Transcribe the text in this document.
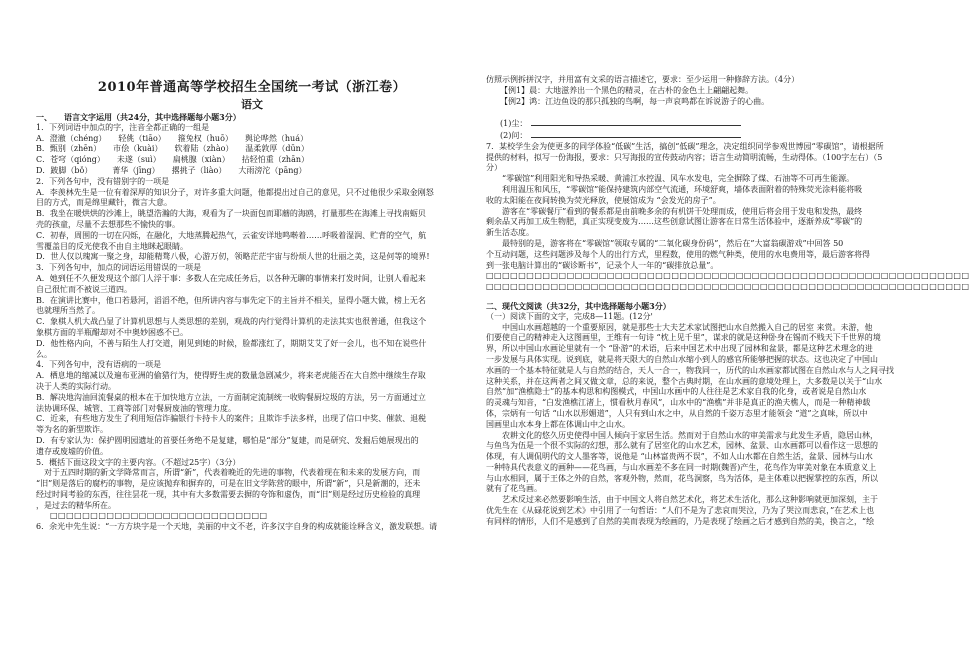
2010年普通高等学校招生全国统一考试（浙江卷）
语文
一、　　语言文字运用（共24分，其中选择题每小题3分）
1．下列词语中加点的字，注音全都正确的一组是
A．澄澈（chéng）　　轻佻（tiāo）　　箍兔权（huō）　　舆论哗然（huá）
B．甄别（zhēn）　　市侩（kuài）　　软着陆（zhào）　　温柔敦厚（dūn）
C．苍穹（qióng）　　未遂（suì）　　扁桃腺（xiàn）　　拈轻怕重（zhān）
D．跛脚（bǒ）　　　菁华（jīng）　　撂挑子（liào）　　大雨滂沱（pāng）
2．下列各句中，没有错别字的一项是
A．李羡林先生是一位有着深厚的知识分子，对许多重大问题，他都提出过自己的意见，只不过他很少采取金刚怒
目的方式，而是绵里藏针，微言大意。
B．我坐在暖烘烘的沙滩上，眺望浩瀚的大海，观看为了一块面包而耶蘑的海鸥，打量那些在海滩上寻找南蛎贝
壳的孩童，尽量不去想那些不愉快的事。
C．初春，周围的一切在闪烁，在融化，大地蒸腾起热气，云雀安详地鸣啭着……呼吸着湿润、贮背的空气，航
雪覆盖目的反光使我不由自主地眯起眼睛。
D．世人仅以瑰寓一聚之身，却能精骛八极，心游万仞，领略茫茫宇宙与纷烦人世的壮丽之美，这是何等的境界!
3．下列各句中，加点的词语运用错误的一项是
A．她到任不久便发现这个部门人浮于事：多数人在完成任务后，以各种无聊的事情来打发时间，让别人看起来
自己很忙而不被说三道四。
B．在演讲比赛中，他口若悬河，滔滔不绝，但所讲内容与事先定下的主旨并不相关，显得小题大做，榜上无名
也就理所当然了。
C．象棋人机大战凸显了计算机思想与人类思想的差别，观战的内行觉得计算机的走法其实也很普通，但我这个
象棋方面的半瓶醋却对不中奥妙困惑不已。
D．他性格内向，不善与陌生人打交道，刚见到她的时候，脸都涨红了，期期艾艾了好一会儿，也不知在说些什
么。
4．下列各句中，没有语病的一项是
A．栖息地的缩减以及遍布亚洲的偷猎行为，使得野生虎的数量急剧减少，将来老虎能否在大自然中继续生存取
决于人类的实际行动。
B．解决地沟油回流餐桌的根本在于加快地方立法，一方面制定流制统一收购餐厨垃圾的方法，另一方面通过立
法协调环保、城管、工商等部门对餐厨废油的管理力度。
C．近来，有些地方发生了利用短信诈骗银行卡持卡人的案件；且欺诈手法多样，出现了信口中奖、催款、退税
等为名的新型欺诈。
D．有专家认为：保护圆明园遗址的首要任务绝不是复建，哪怕是“部分”复建，而是研究、发掘后她展现出的
遗存或废墟的价值。
5．概括下面这段文字的主要内容。（不超过25字）（3分）
　对于五四时期的新文学降常而言，所谓“新”，代表着晚近的先进的事物，代表着现在和未来的发展方向，而
“旧”则是落后的腐朽的事物，是应该抛弃和摒弃的，可是在旧文学陈营的眼中，所谓“新”，只是新潮的，还未
经过时间考验的东西，往往昙花一现，其中有大多数需要去摒的夸饰和虚伪，而“旧”则是经过历史检验的真理
，是过去的精华所在。
□□□□□□□□□□□□□□□□□□□□□□□□□□□
6．余光中先生说：“一方方块字是一个天地，美丽的中文不老，许多汉字自身的构成就能诠释含义，激发联想。请
仿照示例拆拼汉字，并用富有文采的语言描述它，要求：至少运用一种修辞方法。（4分）
【例1】晨：大地滋养出一个黑色的精灵，在古朴的金色土上翩翩起舞。
【例2】鸿：江边鱼设的那只孤独的鸟啊，每一声哀鸣都在诉说游子的心曲。

(1)尘：
(2)问：
7．某校学生会为使更多的同学体验“低碳”生活，搞创“低碳”理念，决定组织同学参观世博园“零碳馆”，请根据所
提供的材料，拟写一份海报，要求：只写海报的宣传鼓动内容；语言生动简明流畅，生动得体。（100字左右）（5
分）
　　“零碳馆”利用阳光和导热采暖、黄浦江水控温、风车水发电，完全摒除了煤、石油等不可再生能源。
　　利用温压和风压，“零碳馆”能保持建筑内部空气流通，环境舒爽，墙体表面附着的特殊荧光涂料能将吸
收的太阳能在夜间转换为荧光释放，使展馆成为 “会发光的房子”。
　　游客在“零碳餐厅”看到的餐系都是由前晚多余的有机饼干处理而成，使用后将会用于发电和发热，最终
剩余品又再加工成生物肥，真正实现变废为……这些创意试图让游客在日常生活体验中，逐渐养成“零碳”的
新生活态度。
　　最特别的是，游客将在“零碳馆”领取专属的“二氧化碳身份码”，然后在”大富翁碳游戏”中回答 50
个互动问题，这些问题涉及每个人的出行方式，里程数，使用的燃气种类，使用的水电费用等，最后游客将得
到一张电脑计算出的“碳诊断书”，记录个人一年的“碳排放总量”。
□□□□□□□□□□□□□□□□□□□□□□□□□□□□□□□□□□□□□□□□□□□□□□□□□□□□□□□□□□□□
□□□□□□□□□□□□□□□□□□□□□□□□□□□□□□□□□□□□□□□□□□□□□□□□□□□□□□□□□□□□
二、现代文阅读（共32分，其中选择题每小题3分）
（一）阅读下面的文字，完成8—11题。(12分'
　　中国山水画超越的一个重要原因，就是那些士大夫艺术家试图把山水自然搬入自己的居室 来赏。未游，他
们要使自己的精神走入这图画里，王维有一句诗 “枕上见千里”，谋求的就是这种卧身在锡而不贱天下千世界的境
界，所以中国山水画论里就有一个 “卧游”的术语，后来中国艺术中出现了园林和盆景，都是这种艺术理念的进
一步发展与具体实现。说到底，就是将天限大的自然山水缩小到人的感官所能够把握的状态。这也决定了中国山
水画的一个基本特征就是人与自然的结合，天人一合一，物我同一，历代的山水画家都试图在自然山水与人之间寻找
这种关系，并在这两者之间又做文章，总的来说，整个古典时期，在山水画的意境处理上，大多数是以关于“山水
自然”加“渔樵隐士”的基本构思和构图模式，中国山水画中的人往往是艺术家自我的化身，或者说是自然山水
的灵魂与知音，“白发渔樵江渚上，惯看秋月春风”，山水中的“渔樵”并非是真正的渔夫樵人，而是一种精神载
体，宗炳有一句话 “山水以形媚道”，人只有到山水之中，从自然的千姿万态里才能领会 “道”之真味，所以中
国画里山水本身上都在体调山中之山水。
　　农耕文化的悠久历史使得中国人倾向于家居生活。然而对于自然山水的审美需求与此发生矛盾，隐居山林，
与鱼鸟为伍是一个很不实际的幻想，那么就有了居室化的山水艺术，园林、盆景、山水画都可以看作这一思想的
体现，有人调侃明代的文人墨客等，说他是 “山林富贵两不误”，不如人山水都在自然生活，盆景、园林与山水
一种特具代表意义的画种——花鸟画，与山水画差不多在同一时期(魏晋)产生，花鸟作为审美对象在本质意义上
与山水相同，属于王体之外的自然，客观外物，然而，花鸟洞察，鸟为活体，是主体难以把握掌控的东西，所以
就有了花鸟画。
　　艺术反过来必然要影响生活，由于中国文人将自然艺术化，将艺术生活化，那么这种影响就更加深刻，主于
优先生在《从碌花说到艺术》中引用了一句哲语：“人们不是为了悲哀而哭泣，乃为了哭泣而悲哀，”在艺术上也
有同样的情形，人们不是感到了自然的美而表现为绘画的，乃是表现了绘画之后才感到自然的美，换言之，“绘
